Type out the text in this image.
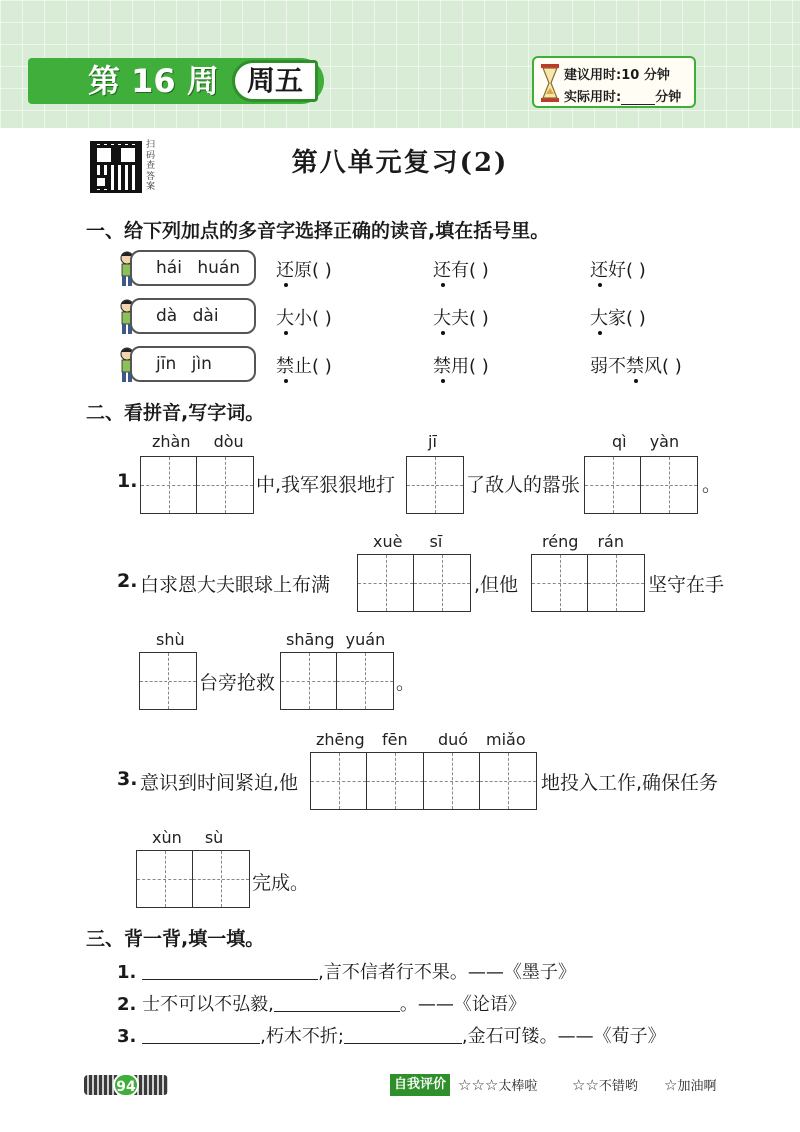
第 16 周	周五	建议用时:10 分钟
实际用时:	分钟
扫码查答案
第八单元复习(2)
一、给下列加点的多音字选择正确的读音,填在括号里。
hái huán	还原( )	还有( )	还好( )
dà dài	大小( )	大夫( )	大家( )
jīn jìn	禁止( )	禁用( )	弱不禁风( )
二、看拼音,写字词。
zhàn dòu
1.	中,我军狠狠地打
jī
了敌人的嚣张
qì yàn
。
2. 白求恩大夫眼球上布满
xuè sī
,但他
réng rán
坚守在手
shù
台旁抢救
shāng yuán
。
3. 意识到时间紧迫,他
zhēng fēn duó miǎo
地投入工作,确保任务
xùn sù
完成。
三、背一背,填一填。
1.	,言不信者行不果。——《墨子》
2. 士不可以不弘毅,	。——《论语》
3.	,朽木不折;	,金石可镂。——《荀子》
94	自我评价 ☆☆☆太棒啦 ☆☆不错哟 ☆加油啊
